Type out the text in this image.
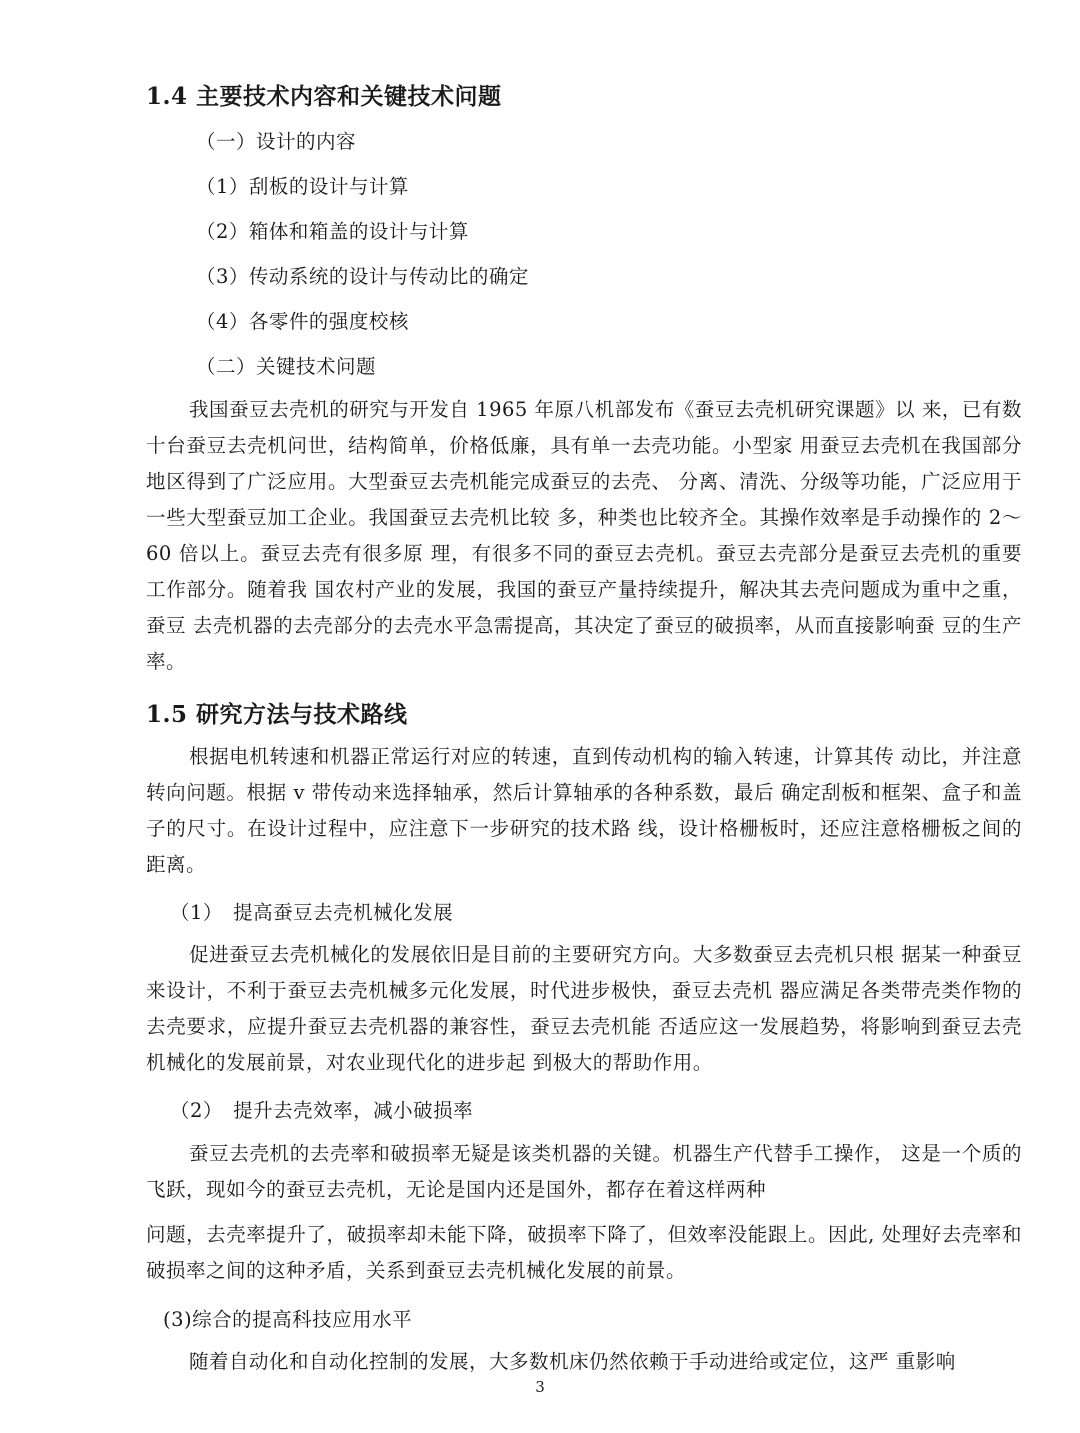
1.4 主要技术内容和关键技术问题
（一）设计的内容
（1）刮板的设计与计算
（2）箱体和箱盖的设计与计算
（3）传动系统的设计与传动比的确定
（4）各零件的强度校核
（二）关键技术问题
我国蚕豆去壳机的研究与开发自 1965 年原八机部发布《蚕豆去壳机研究课题》以 来，已有数十台蚕豆去壳机问世，结构简单，价格低廉，具有单一去壳功能。小型家 用蚕豆去壳机在我国部分地区得到了广泛应用。大型蚕豆去壳机能完成蚕豆的去壳、 分离、清洗、分级等功能，广泛应用于一些大型蚕豆加工企业。我国蚕豆去壳机比较 多，种类也比较齐全。其操作效率是手动操作的 2〜60 倍以上。蚕豆去壳有很多原 理，有很多不同的蚕豆去壳机。蚕豆去壳部分是蚕豆去壳机的重要工作部分。随着我 国农村产业的发展，我国的蚕豆产量持续提升，解决其去壳问题成为重中之重，蚕豆 去壳机器的去壳部分的去壳水平急需提高，其决定了蚕豆的破损率，从而直接影响蚕 豆的生产率。
1.5 研究方法与技术路线
根据电机转速和机器正常运行对应的转速，直到传动机构的输入转速，计算其传 动比，并注意转向问题。根据 v 带传动来选择轴承，然后计算轴承的各种系数，最后 确定刮板和框架、盒子和盖子的尺寸。在设计过程中，应注意下一步研究的技术路 线，设计格栅板时，还应注意格栅板之间的距离。
（1）　提高蚕豆去壳机械化发展
促进蚕豆去壳机械化的发展依旧是目前的主要研究方向。大多数蚕豆去壳机只根 据某一种蚕豆来设计，不利于蚕豆去壳机械多元化发展，时代进步极快，蚕豆去壳机 器应满足各类带壳类作物的去壳要求，应提升蚕豆去壳机器的兼容性，蚕豆去壳机能 否适应这一发展趋势，将影响到蚕豆去壳机械化的发展前景，对农业现代化的进步起 到极大的帮助作用。
（2）　提升去壳效率，减小破损率
蚕豆去壳机的去壳率和破损率无疑是该类机器的关键。机器生产代替手工操作， 这是一个质的飞跃，现如今的蚕豆去壳机，无论是国内还是国外，都存在着这样两种
问题，去壳率提升了，破损率却未能下降，破损率下降了，但效率没能跟上。因此, 处理好去壳率和破损率之间的这种矛盾，关系到蚕豆去壳机械化发展的前景。
(3)综合的提高科技应用水平
随着自动化和自动化控制的发展，大多数机床仍然依赖于手动进给或定位，这严 重影响
3
